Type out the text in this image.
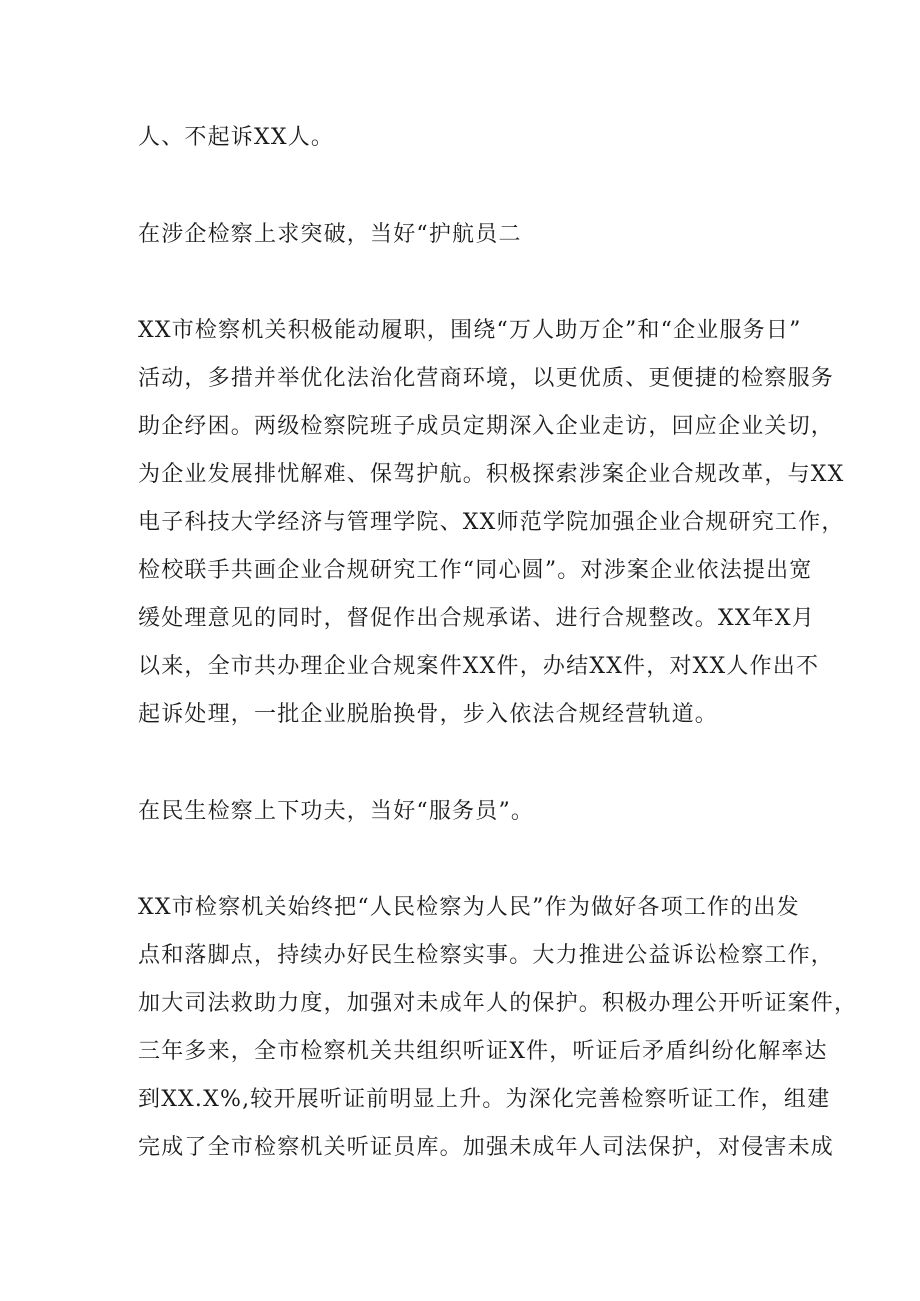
人、不起诉XX人。
在涉企检察上求突破，当好“护航员二
XX市检察机关积极能动履职，围绕“万人助万企”和“企业服务日”
活动，多措并举优化法治化营商环境，以更优质、更便捷的检察服务
助企纾困。两级检察院班子成员定期深入企业走访，回应企业关切，
为企业发展排忧解难、保驾护航。积极探索涉案企业合规改革，与XX
电子科技大学经济与管理学院、XX师范学院加强企业合规研究工作，
检校联手共画企业合规研究工作“同心圆”。对涉案企业依法提出宽
缓处理意见的同时，督促作出合规承诺、进行合规整改。XX年X月
以来，全市共办理企业合规案件XX件，办结XX件，对XX人作出不
起诉处理，一批企业脱胎换骨，步入依法合规经营轨道。
在民生检察上下功夫，当好“服务员”。
XX市检察机关始终把“人民检察为人民”作为做好各项工作的出发
点和落脚点，持续办好民生检察实事。大力推进公益诉讼检察工作，
加大司法救助力度，加强对未成年人的保护。积极办理公开听证案件，
三年多来，全市检察机关共组织听证X件，听证后矛盾纠纷化解率达
到XX.X%,较开展听证前明显上升。为深化完善检察听证工作，组建
完成了全市检察机关听证员库。加强未成年人司法保护，对侵害未成
